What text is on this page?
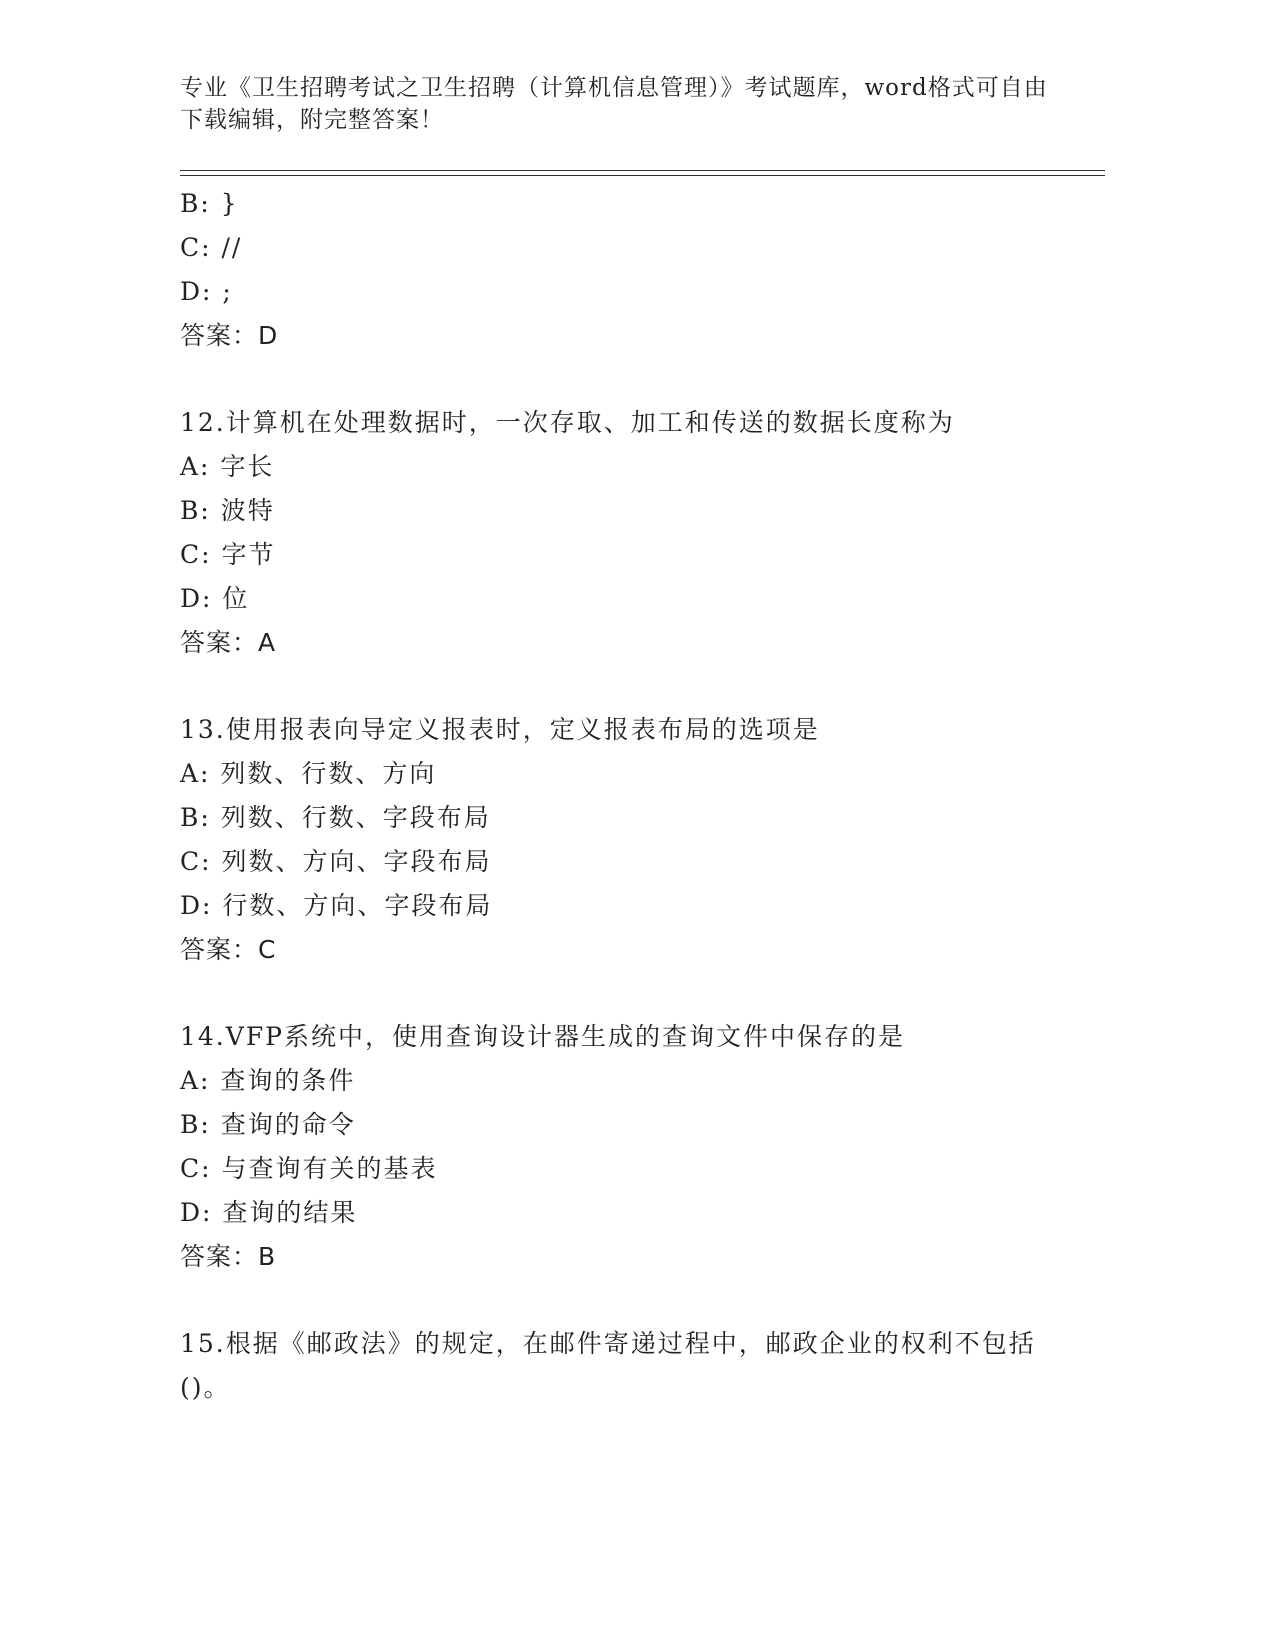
专业《卫生招聘考试之卫生招聘（计算机信息管理）》考试题库，word格式可自由下载编辑，附完整答案！
B: }
C: //
D: ;
答案：D
12.计算机在处理数据时，一次存取、加工和传送的数据长度称为
A: 字长
B: 波特
C: 字节
D: 位
答案：A
13.使用报表向导定义报表时，定义报表布局的选项是
A: 列数、行数、方向
B: 列数、行数、字段布局
C: 列数、方向、字段布局
D: 行数、方向、字段布局
答案：C
14.VFP系统中，使用查询设计器生成的查询文件中保存的是
A: 查询的条件
B: 查询的命令
C: 与查询有关的基表
D: 查询的结果
答案：B
15.根据《邮政法》的规定，在邮件寄递过程中，邮政企业的权利不包括()。
